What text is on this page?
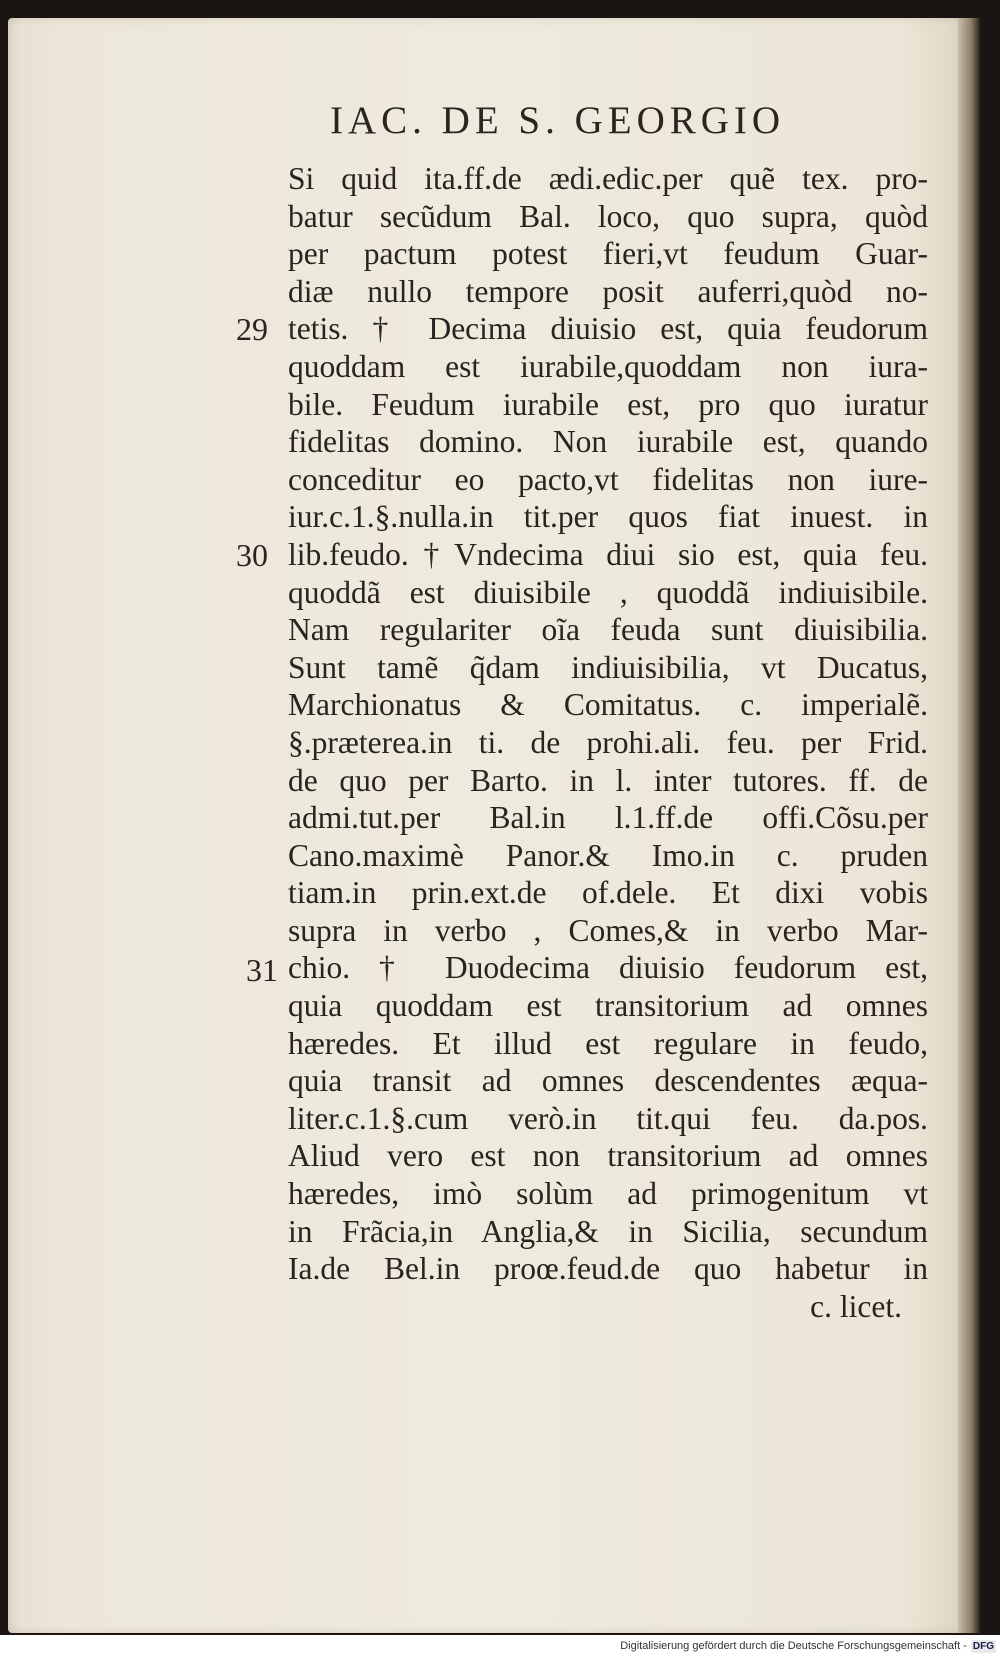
IAC. DE S. GEORGIO
29
30
31
Si quid ita.ff.de ædi.edic.per quẽ tex. pro-
batur secũdum Bal. loco, quo supra, quòd
per pactum potest fieri,vt feudum Guar-
diæ nullo tempore posit auferri,quòd no-
tetis. † Decima diuisio est, quia feudorum
quoddam est iurabile,quoddam non iura-
bile. Feudum iurabile est, pro quo iuratur
fidelitas domino. Non iurabile est, quando
conceditur eo pacto,vt fidelitas non iure-
iur.c.1.§.nulla.in tit.per quos fiat inuest. in
lib.feudo.†Vndecima diui sio est, quia feu.
quoddã est diuisibile , quoddã indiuisibile.
Nam regulariter oĩa feuda sunt diuisibilia.
Sunt tamẽ q̃dam indiuisibilia, vt Ducatus,
Marchionatus & Comitatus. c. imperialẽ.
§.præterea.in ti. de prohi.ali. feu. per Frid.
de quo per Barto. in l. inter tutores. ff. de
admi.tut.per Bal.in l.1.ff.de offi.Cõsu.per
Cano.maximè Panor.& Imo.in c. pruden
tiam.in prin.ext.de of.dele. Et dixi vobis
supra in verbo , Comes,& in verbo Mar-
chio. † Duodecima diuisio feudorum est,
quia quoddam est transitorium ad omnes
hæredes. Et illud est regulare in feudo,
quia transit ad omnes descendentes æqua-
liter.c.1.§.cum verò.in tit.qui feu. da.pos.
Aliud vero est non transitorium ad omnes
hæredes, imò solùm ad primogenitum vt
in Frãcia,in Anglia,& in Sicilia, secundum
Ia.de Bel.in proœ.feud.de quo habetur in
c. licet.
Digitalisierung gefördert durch die Deutsche Forschungsgemeinschaft - DFG
